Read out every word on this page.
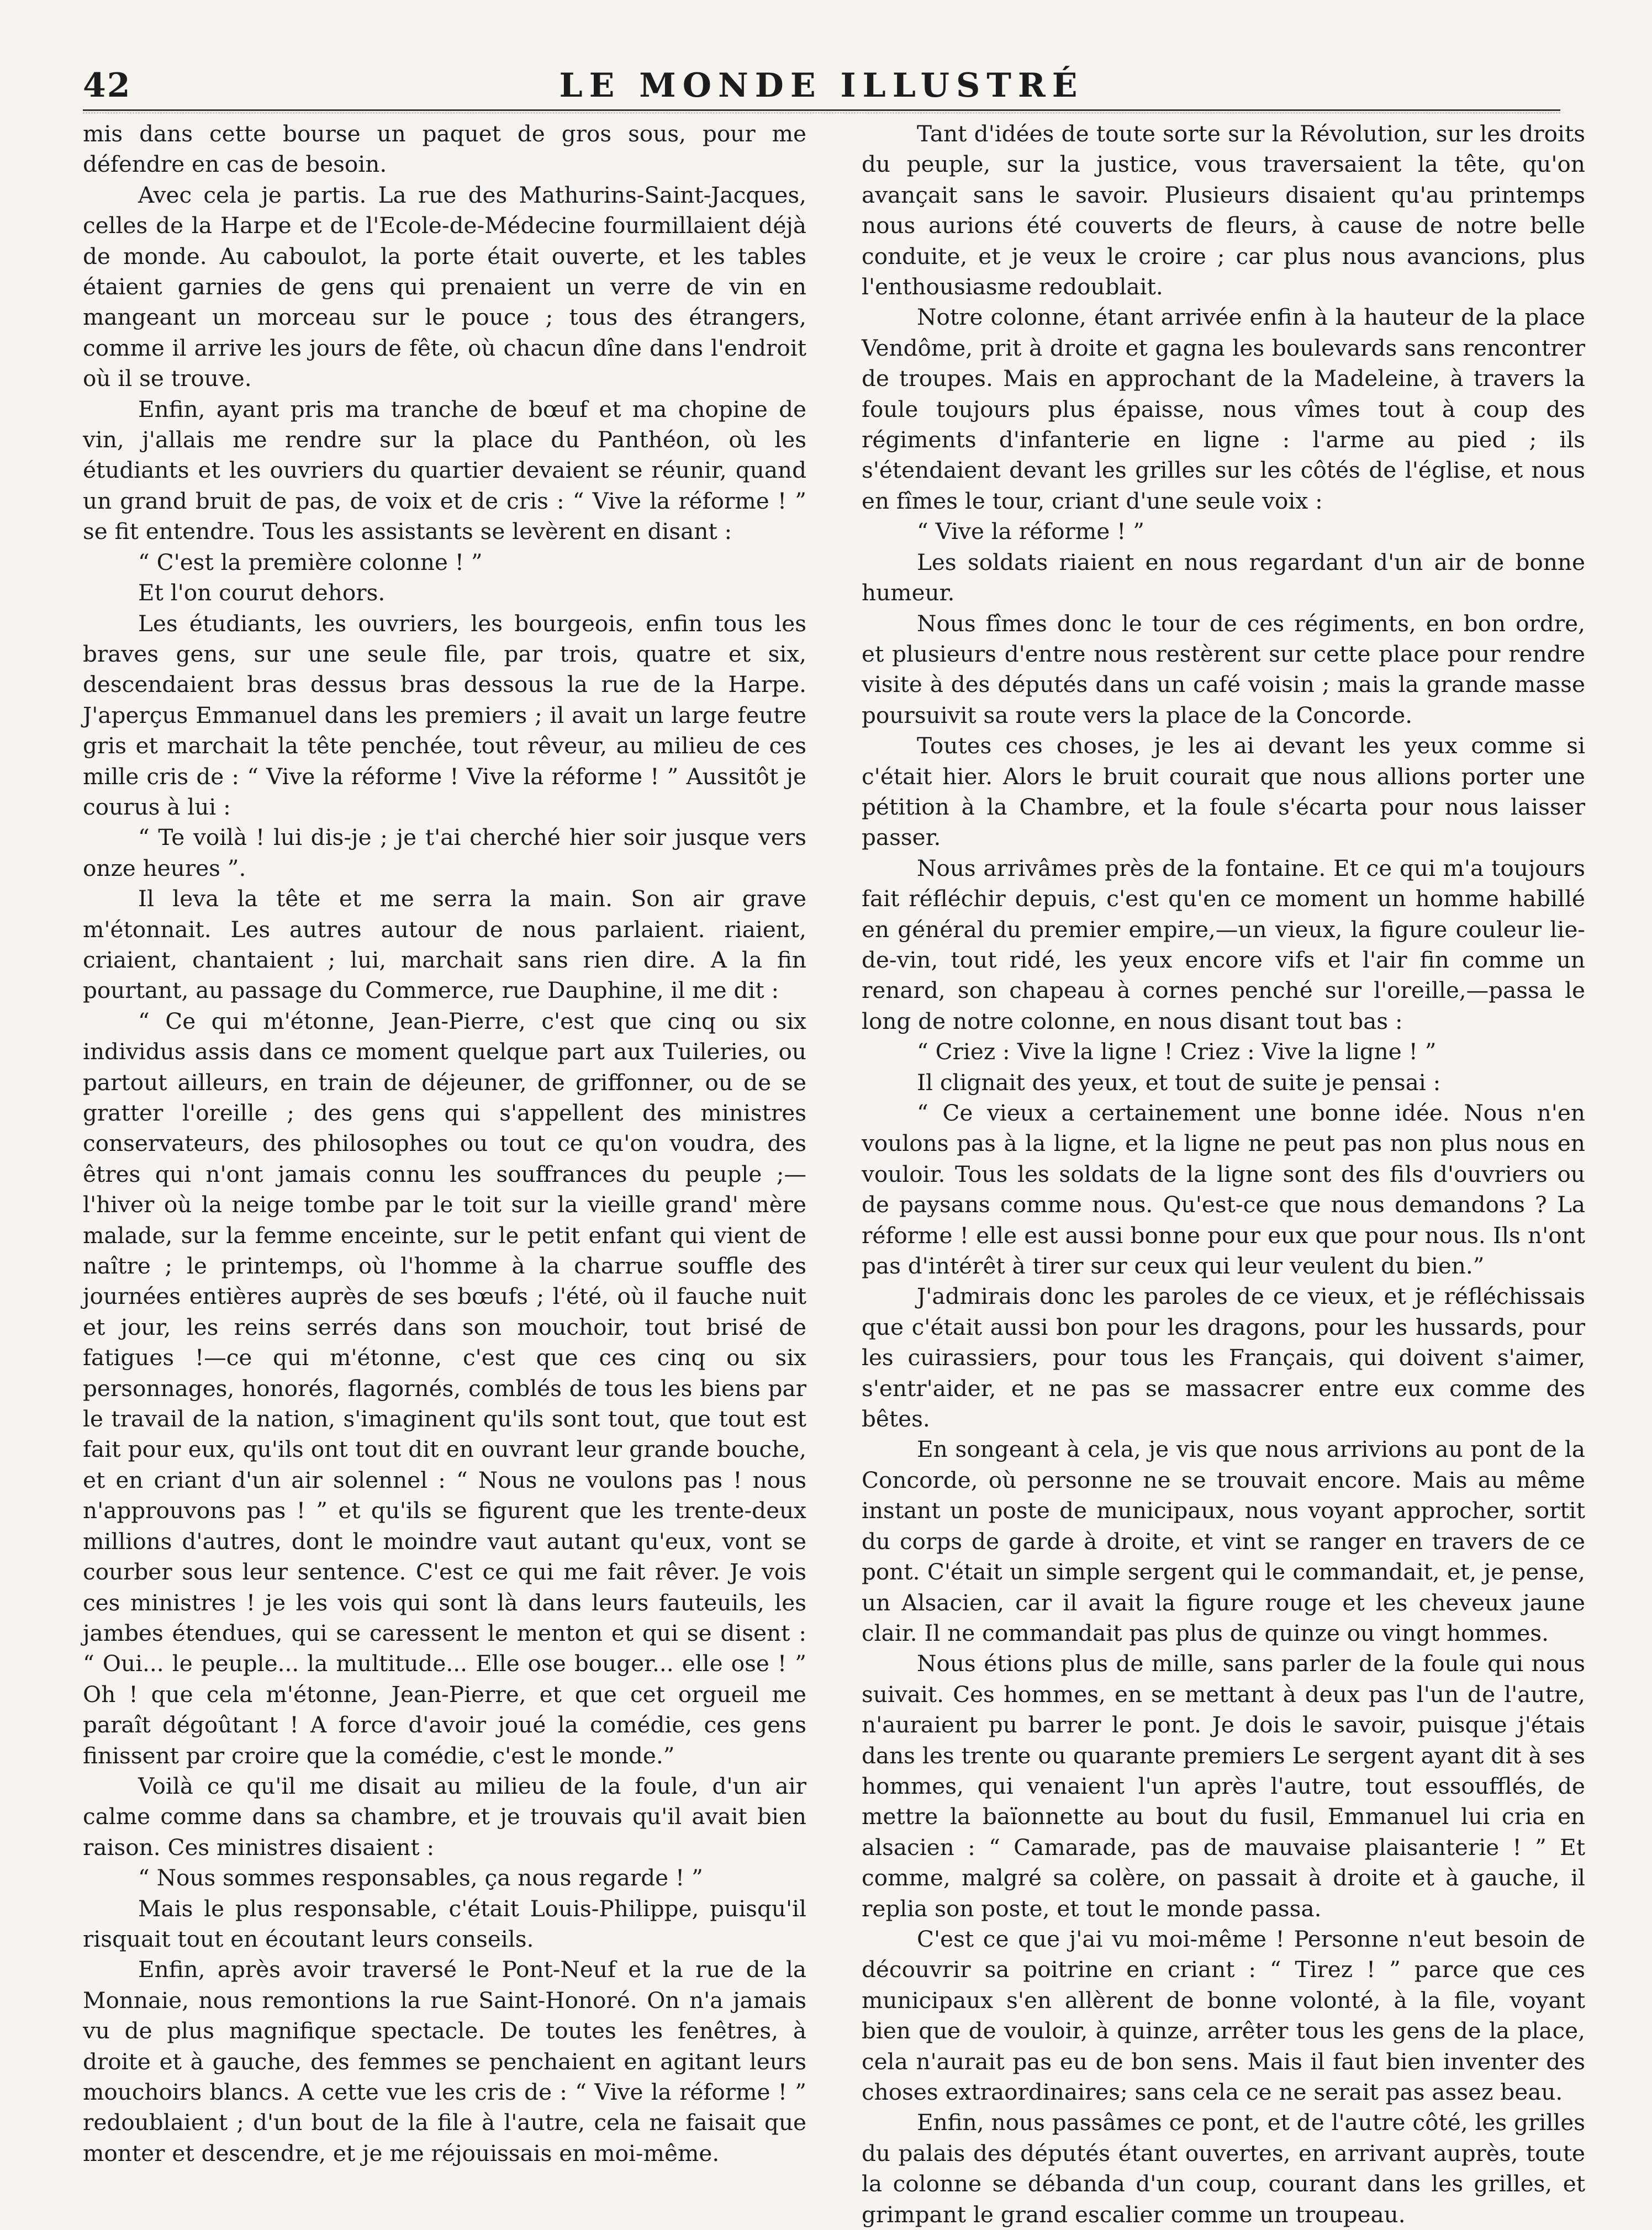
42	LE MONDE ILLUSTRÉ

mis dans cette bourse un paquet de gros sous, pour me défendre en cas de besoin.

Avec cela je partis. La rue des Mathurins-Saint-Jacques, celles de la Harpe et de l'Ecole-de-Médecine fourmillaient déjà de monde. Au caboulot, la porte était ouverte, et les tables étaient garnies de gens qui prenaient un verre de vin en mangeant un morceau sur le pouce ; tous des étrangers, comme il arrive les jours de fête, où chacun dîne dans l'endroit où il se trouve.

Enfin, ayant pris ma tranche de bœuf et ma chopine de vin, j'allais me rendre sur la place du Panthéon, où les étudiants et les ouvriers du quartier devaient se réunir, quand un grand bruit de pas, de voix et de cris : “ Vive la réforme ! ” se fit entendre. Tous les assistants se levèrent en disant :

“ C'est la première colonne ! ”

Et l'on courut dehors.

Les étudiants, les ouvriers, les bourgeois, enfin tous les braves gens, sur une seule file, par trois, quatre et six, descendaient bras dessus bras dessous la rue de la Harpe. J'aperçus Emmanuel dans les premiers ; il avait un large feutre gris et marchait la tête penchée, tout rêveur, au milieu de ces mille cris de : “ Vive la réforme ! Vive la réforme ! ” Aussitôt je courus à lui :

“ Te voilà ! lui dis-je ; je t'ai cherché hier soir jusque vers onze heures ”.

Il leva la tête et me serra la main. Son air grave m'étonnait. Les autres autour de nous parlaient. riaient, criaient, chantaient ; lui, marchait sans rien dire. A la fin pourtant, au passage du Commerce, rue Dauphine, il me dit :

“ Ce qui m'étonne, Jean-Pierre, c'est que cinq ou six individus assis dans ce moment quelque part aux Tuileries, ou partout ailleurs, en train de déjeuner, de griffonner, ou de se gratter l'oreille ; des gens qui s'appellent des ministres conservateurs, des philosophes ou tout ce qu'on voudra, des êtres qui n'ont jamais connu les souffrances du peuple ;—l'hiver où la neige tombe par le toit sur la vieille grand' mère malade, sur la femme enceinte, sur le petit enfant qui vient de naître ; le printemps, où l'homme à la charrue souffle des journées entières auprès de ses bœufs ; l'été, où il fauche nuit et jour, les reins serrés dans son mouchoir, tout brisé de fatigues !—ce qui m'étonne, c'est que ces cinq ou six personnages, honorés, flagornés, comblés de tous les biens par le travail de la nation, s'imaginent qu'ils sont tout, que tout est fait pour eux, qu'ils ont tout dit en ouvrant leur grande bouche, et en criant d'un air solennel : “ Nous ne voulons pas ! nous n'approuvons pas ! ” et qu'ils se figurent que les trente-deux millions d'autres, dont le moindre vaut autant qu'eux, vont se courber sous leur sentence. C'est ce qui me fait rêver. Je vois ces ministres ! je les vois qui sont là dans leurs fauteuils, les jambes étendues, qui se caressent le menton et qui se disent : “ Oui... le peuple... la multitude... Elle ose bouger... elle ose ! ” Oh ! que cela m'étonne, Jean-Pierre, et que cet orgueil me paraît dégoûtant ! A force d'avoir joué la comédie, ces gens finissent par croire que la comédie, c'est le monde.”

Voilà ce qu'il me disait au milieu de la foule, d'un air calme comme dans sa chambre, et je trouvais qu'il avait bien raison. Ces ministres disaient :

“ Nous sommes responsables, ça nous regarde ! ”

Mais le plus responsable, c'était Louis-Philippe, puisqu'il risquait tout en écoutant leurs conseils.

Enfin, après avoir traversé le Pont-Neuf et la rue de la Monnaie, nous remontions la rue Saint-Honoré. On n'a jamais vu de plus magnifique spectacle. De toutes les fenêtres, à droite et à gauche, des femmes se penchaient en agitant leurs mouchoirs blancs. A cette vue les cris de : “ Vive la réforme ! ” redoublaient ; d'un bout de la file à l'autre, cela ne faisait que monter et descendre, et je me réjouissais en moi-même.

Tant d'idées de toute sorte sur la Révolution, sur les droits du peuple, sur la justice, vous traversaient la tête, qu'on avançait sans le savoir. Plusieurs disaient qu'au printemps nous aurions été couverts de fleurs, à cause de notre belle conduite, et je veux le croire ; car plus nous avancions, plus l'enthousiasme redoublait.

Notre colonne, étant arrivée enfin à la hauteur de la place Vendôme, prit à droite et gagna les boulevards sans rencontrer de troupes. Mais en approchant de la Madeleine, à travers la foule toujours plus épaisse, nous vîmes tout à coup des régiments d'infanterie en ligne : l'arme au pied ; ils s'étendaient devant les grilles sur les côtés de l'église, et nous en fîmes le tour, criant d'une seule voix :

“ Vive la réforme ! ”

Les soldats riaient en nous regardant d'un air de bonne humeur.

Nous fîmes donc le tour de ces régiments, en bon ordre, et plusieurs d'entre nous restèrent sur cette place pour rendre visite à des députés dans un café voisin ; mais la grande masse poursuivit sa route vers la place de la Concorde.

Toutes ces choses, je les ai devant les yeux comme si c'était hier. Alors le bruit courait que nous allions porter une pétition à la Chambre, et la foule s'écarta pour nous laisser passer.

Nous arrivâmes près de la fontaine. Et ce qui m'a toujours fait réfléchir depuis, c'est qu'en ce moment un homme habillé en général du premier empire,—un vieux, la figure couleur lie-de-vin, tout ridé, les yeux encore vifs et l'air fin comme un renard, son chapeau à cornes penché sur l'oreille,—passa le long de notre colonne, en nous disant tout bas :

“ Criez : Vive la ligne ! Criez : Vive la ligne ! ”

Il clignait des yeux, et tout de suite je pensai :

“ Ce vieux a certainement une bonne idée. Nous n'en voulons pas à la ligne, et la ligne ne peut pas non plus nous en vouloir. Tous les soldats de la ligne sont des fils d'ouvriers ou de paysans comme nous. Qu'est-ce que nous demandons ? La réforme ! elle est aussi bonne pour eux que pour nous. Ils n'ont pas d'intérêt à tirer sur ceux qui leur veulent du bien.”

J'admirais donc les paroles de ce vieux, et je réfléchissais que c'était aussi bon pour les dragons, pour les hussards, pour les cuirassiers, pour tous les Français, qui doivent s'aimer, s'entr'aider, et ne pas se massacrer entre eux comme des bêtes.

En songeant à cela, je vis que nous arrivions au pont de la Concorde, où personne ne se trouvait encore. Mais au même instant un poste de municipaux, nous voyant approcher, sortit du corps de garde à droite, et vint se ranger en travers de ce pont. C'était un simple sergent qui le commandait, et, je pense, un Alsacien, car il avait la figure rouge et les cheveux jaune clair. Il ne commandait pas plus de quinze ou vingt hommes.

Nous étions plus de mille, sans parler de la foule qui nous suivait. Ces hommes, en se mettant à deux pas l'un de l'autre, n'auraient pu barrer le pont. Je dois le savoir, puisque j'étais dans les trente ou quarante premiers Le sergent ayant dit à ses hommes, qui venaient l'un après l'autre, tout essoufflés, de mettre la baïonnette au bout du fusil, Emmanuel lui cria en alsacien : “ Camarade, pas de mauvaise plaisanterie ! ” Et comme, malgré sa colère, on passait à droite et à gauche, il replia son poste, et tout le monde passa.

C'est ce que j'ai vu moi-même ! Personne n'eut besoin de découvrir sa poitrine en criant : “ Tirez ! ” parce que ces municipaux s'en allèrent de bonne volonté, à la file, voyant bien que de vouloir, à quinze, arrêter tous les gens de la place, cela n'aurait pas eu de bon sens. Mais il faut bien inventer des choses extraordinaires; sans cela ce ne serait pas assez beau.

Enfin, nous passâmes ce pont, et de l'autre côté, les grilles du palais des députés étant ouvertes, en arrivant auprès, toute la colonne se débanda d'un coup, courant dans les grilles, et grimpant le grand escalier comme un troupeau.
